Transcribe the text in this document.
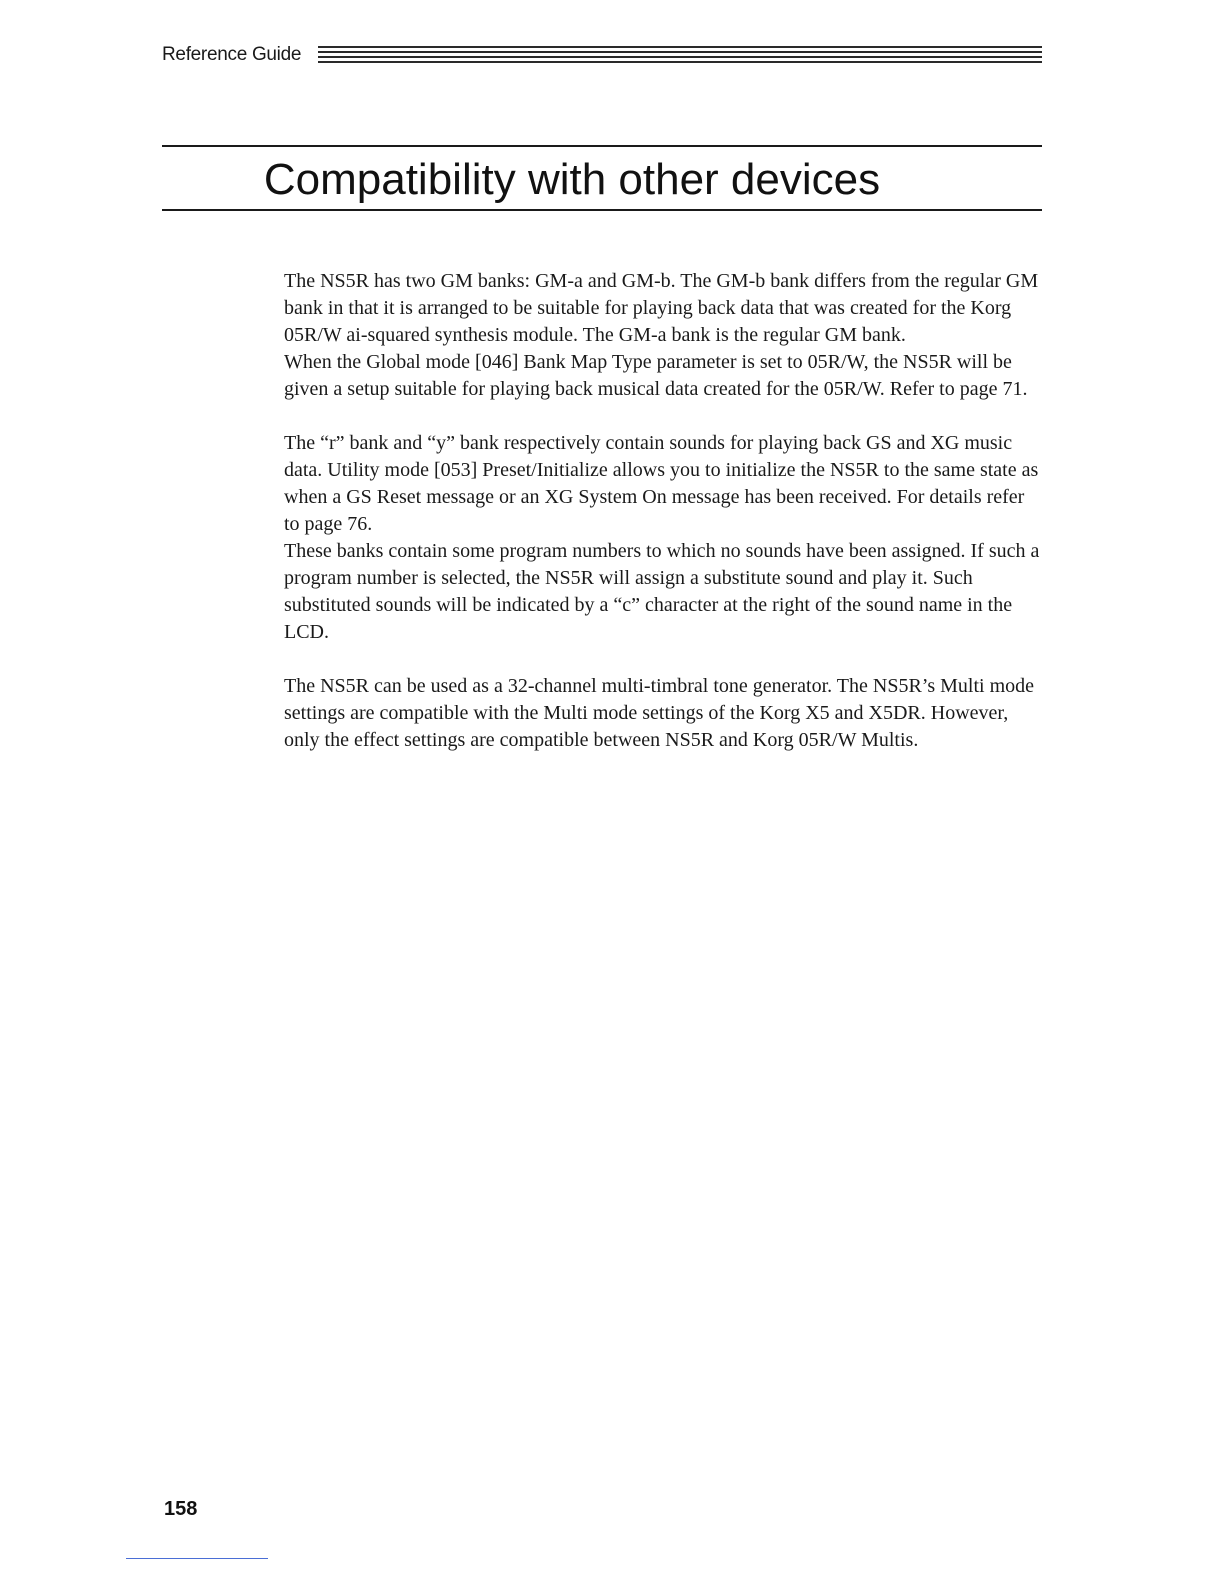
Reference Guide
Compatibility with other devices

The NS5R has two GM banks: GM-a and GM-b. The GM-b bank differs from the regular GM bank in that it is arranged to be suitable for playing back data that was created for the Korg 05R/W ai-squared synthesis module. The GM-a bank is the regular GM bank.

When the Global mode [046] Bank Map Type parameter is set to 05R/W, the NS5R will be given a setup suitable for playing back musical data created for the 05R/W. Refer to page 71.

The “r” bank and “y” bank respectively contain sounds for playing back GS and XG music data. Utility mode [053] Preset/Initialize allows you to initialize the NS5R to the same state as when a GS Reset message or an XG System On message has been received. For details refer to page 76.

These banks contain some program numbers to which no sounds have been assigned. If such a program number is selected, the NS5R will assign a substitute sound and play it. Such substituted sounds will be indicated by a “c” character at the right of the sound name in the LCD.

The NS5R can be used as a 32-channel multi-timbral tone generator. The NS5R’s Multi mode settings are compatible with the Multi mode settings of the Korg X5 and X5DR. However, only the effect settings are compatible between NS5R and Korg 05R/W Multis.

158
